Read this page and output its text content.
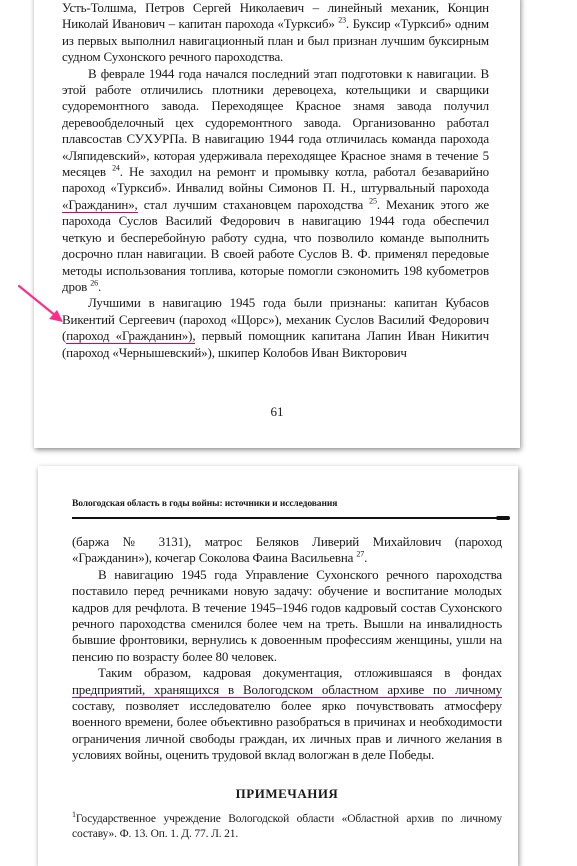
Усть-Толшма, Петров Сергей Николаевич – линейный механик, Концин Николай Иванович – капитан парохода «Турксиб» $^{23}$. Буксир «Турксиб» одним из первых выполнил навигационный план и был признан лучшим буксирным судном Сухонского речного пароходства.

В феврале 1944 года начался последний этап подготовки к навигации. В этой работе отличились плотники деревоцеха, котельщики и сварщики судоремонтного завода. Переходящее Красное знамя завода получил деревообделочный цех судоремонтного завода. Организованно работал плавсостав СУХУРПа. В навигацию 1944 года отличилась команда парохода «Ляпидевский», которая удерживала переходящее Красное знамя в течение 5 месяцев $^{24}$. Не заходил на ремонт и промывку котла, работал безаварийно пароход «Турксиб». Инвалид войны Симонов П. Н., штурвальный парохода «Гражданин», стал лучшим стахановцем пароходства $^{25}$. Механик этого же парохода Суслов Василий Федорович в навигацию 1944 года обеспечил четкую и бесперебойную работу судна, что позволило команде выполнить досрочно план навигации. В своей работе Суслов В. Ф. применял передовые методы использования топлива, которые помогли сэкономить 198 кубометров дров $^{26}$.

Лучшими в навигацию 1945 года были признаны: капитан Кубасов Викентий Сергеевич (пароход «Щорс»), механик Суслов Василий Федорович (пароход «Гражданин»), первый помощник капитана Лапин Иван Никитич (пароход «Чернышевский»), шкипер Колобов Иван Викторович

61
Вологодская область в годы войны: источники и исследования

(баржа № 3131), матрос Беляков Ливерий Михайлович (пароход «Гражданин»), кочегар Соколова Фаина Васильевна $^{27}$.

В навигацию 1945 года Управление Сухонского речного пароходства поставило перед речниками новую задачу: обучение и воспитание молодых кадров для речфлота. В течение 1945–1946 годов кадровый состав Сухонского речного пароходства сменился более чем на треть. Вышли на инвалидность бывшие фронтовики, вернулись к довоенным профессиям женщины, ушли на пенсию по возрасту более 80 человек.

Таким образом, кадровая документация, отложившаяся в фондах предприятий, хранящихся в Вологодском областном архиве по личному составу, позволяет исследователю более ярко почувствовать атмосферу военного времени, более объективно разобраться в причинах и необходимости ограничения личной свободы граждан, их личных прав и личного желания в условиях войны, оценить трудовой вклад вологжан в деле Победы.

ПРИМЕЧАНИЯ

$^1$Государственное учреждение Вологодской области «Областной архив по личному составу». Ф. 13. Оп. 1. Д. 77. Л. 21.
